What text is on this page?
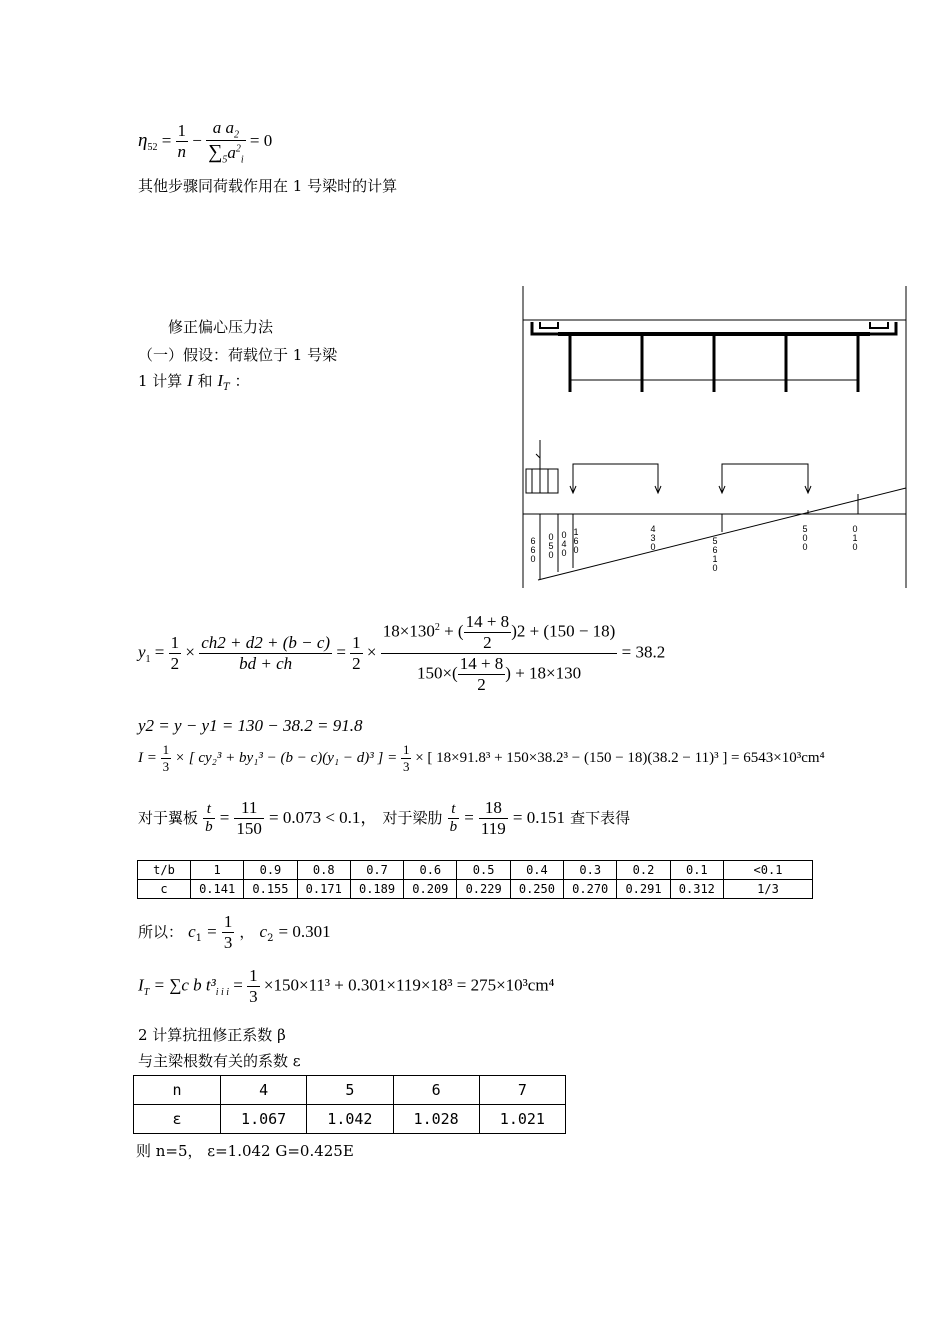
$\eta_{52} = \frac{1}{n} - \frac{a a_2}{\sum_5a^2_i} = 0$
其他步骤同荷载作用在 1 号梁时的计算
修正偏心压力法
（一）假设：荷载位于 1 号梁
1 计算 I 和 $I_T$ ：
6 6 0
0 5 0
0 4 0
1 6 0
4 3 0
5 6 1 0
5 0 0
0 1 0
$y_1 = \frac{1}{2} \times \frac{ch2 + d2 + (b - c)}{bd + ch} = \frac{1}{2} \times \frac{18\times 130^2 + ( \frac{14 + 8}{2} )2 + (150 - 18)}{150\times( \frac{14 + 8}{2} ) + 18\times 130} = 38.2$
y2 = y − y1 = 130 − 38.2 = 91.8
$I = \frac{1}{3}$ × [ cy₂³ + by₁³ − (b − c)(y₁ − d)³ ] = $\frac{1}{3}$ × [ 18×91.8³ + 150×38.2³ − (150 − 18)(38.2 − 11)³ ] = 6543×10³cm⁴
对于翼板 $\frac{t}{b} = \frac{11}{150} = 0.073 < 0.1$， 对于梁肋 $\frac{t}{b} = \frac{18}{119} = 0.151$ 查下表得
t/b	1	0.9	0.8	0.7	0.6	0.5	0.4	0.3	0.2	0.1	<0.1
c	0.141	0.155	0.171	0.189	0.209	0.229	0.250	0.270	0.291	0.312	1/3
所以： $c_1 = \frac{1}{3}$ ， $c_2 = 0.301$
$I_T = \sum c$ b $t^3_{i i i} = \frac{1}{3} \times 150\times 11^3 + 0.301\times 119\times 18^3 = 275\times 10^3cm^4$
2 计算抗扭修正系数 β
与主梁根数有关的系数 ε
n	4	5	6	7
ε	1.067	1.042	1.028	1.021
则 n=5， ε=1.042 G=0.425E
